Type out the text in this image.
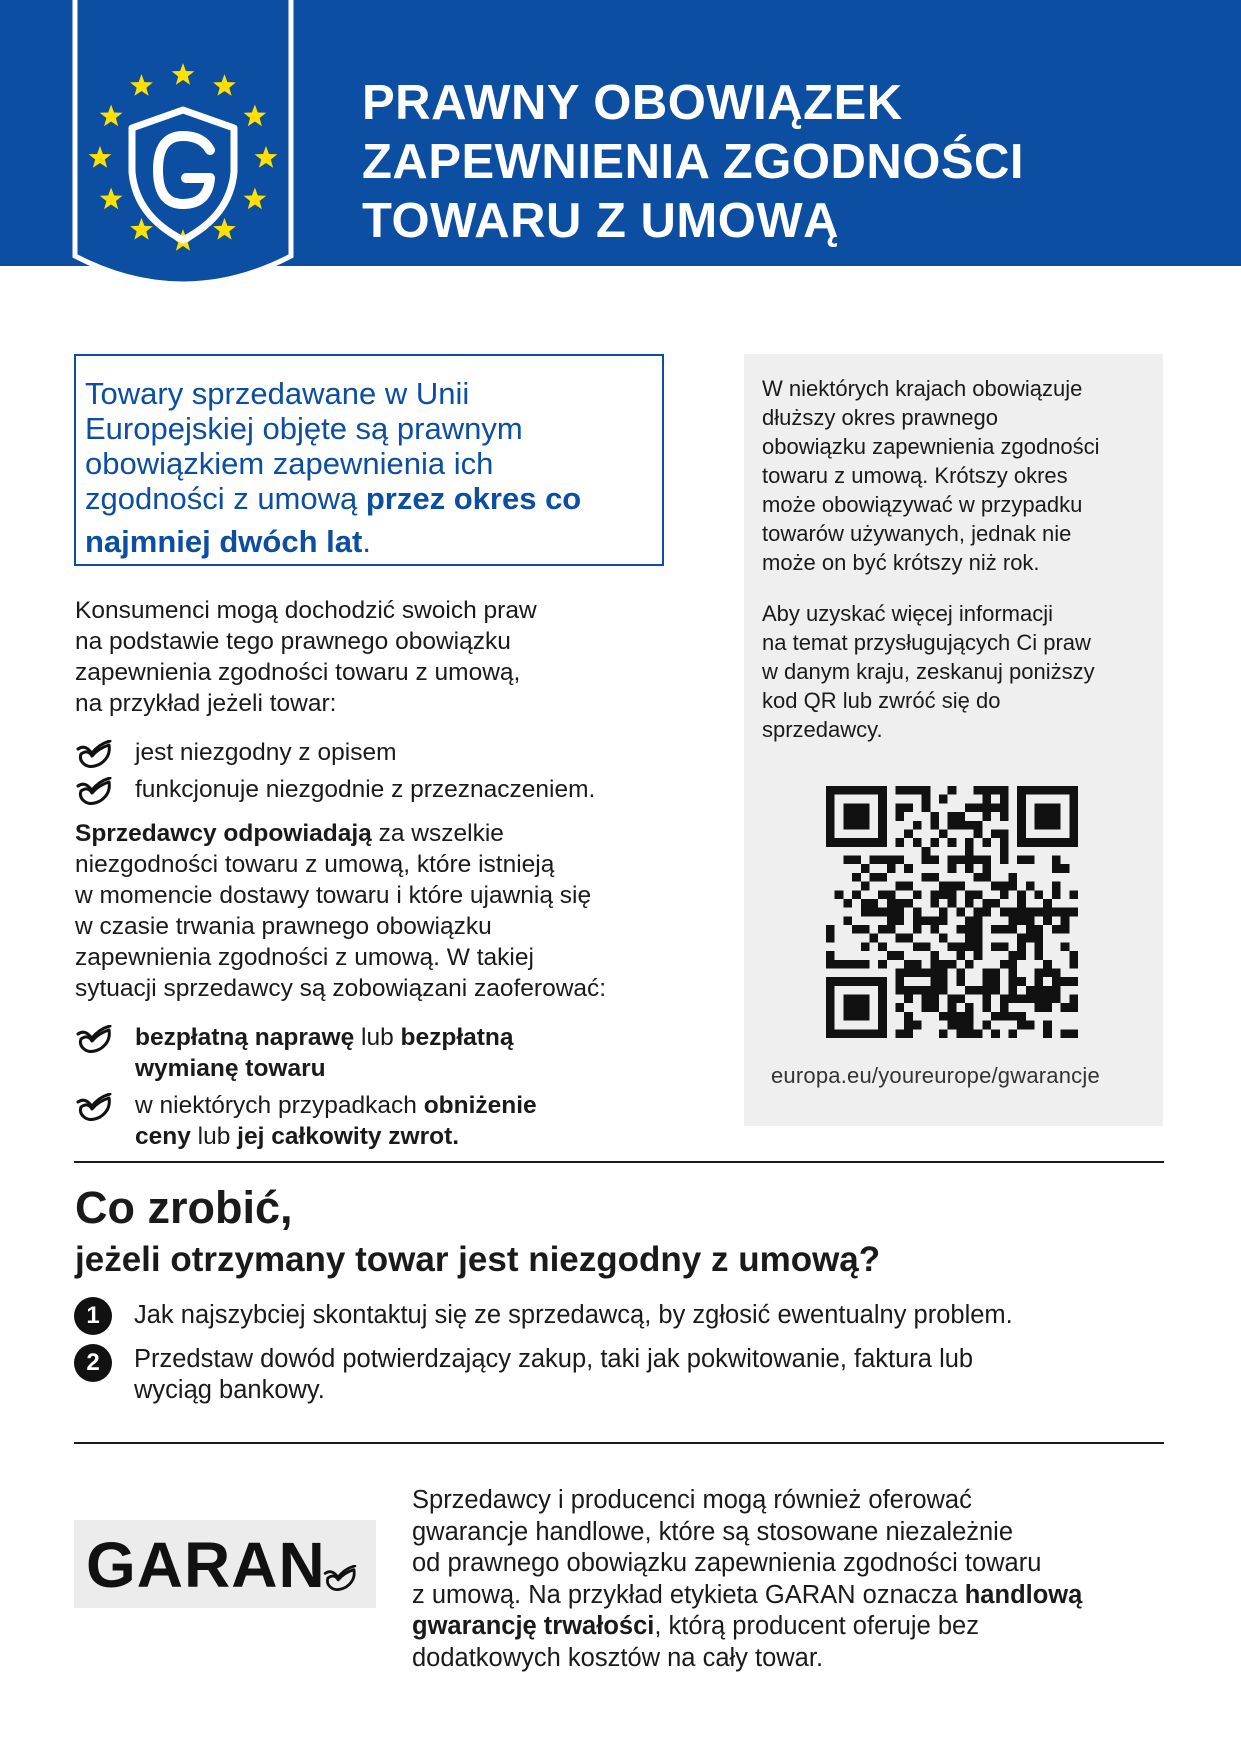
PRAWNY OBOWIĄZEK
ZAPEWNIENIA ZGODNOŚCI
TOWARU Z UMOWĄ
Towary sprzedawane w Unii
Europejskiej objęte są prawnym
obowiązkiem zapewnienia ich
zgodności z umową przez okres co
najmniej dwóch lat.
Konsumenci mogą dochodzić swoich praw
na podstawie tego prawnego obowiązku
zapewnienia zgodności towaru z umową,
na przykład jeżeli towar:
jest niezgodny z opisem
funkcjonuje niezgodnie z przeznaczeniem.
Sprzedawcy odpowiadają za wszelkie
niezgodności towaru z umową, które istnieją
w momencie dostawy towaru i które ujawnią się
w czasie trwania prawnego obowiązku
zapewnienia zgodności z umową. W takiej
sytuacji sprzedawcy są zobowiązani zaoferować:
bezpłatną naprawę lub bezpłatną
wymianę towaru
w niektórych przypadkach obniżenie
ceny lub jej całkowity zwrot.
W niektórych krajach obowiązuje
dłuższy okres prawnego
obowiązku zapewnienia zgodności
towaru z umową. Krótszy okres
może obowiązywać w przypadku
towarów używanych, jednak nie
może on być krótszy niż rok.
Aby uzyskać więcej informacji
na temat przysługujących Ci praw
w danym kraju, zeskanuj poniższy
kod QR lub zwróć się do
sprzedawcy.
europa.eu/youreurope/gwarancje
Co zrobić,
jeżeli otrzymany towar jest niezgodny z umową?
1	Jak najszybciej skontaktuj się ze sprzedawcą, by zgłosić ewentualny problem.
2	Przedstaw dowód potwierdzający zakup, taki jak pokwitowanie, faktura lub
wyciąg bankowy.
GARAN
Sprzedawcy i producenci mogą również oferować
gwarancje handlowe, które są stosowane niezależnie
od prawnego obowiązku zapewnienia zgodności towaru
z umową. Na przykład etykieta GARAN oznacza handlową
gwarancję trwałości, którą producent oferuje bez
dodatkowych kosztów na cały towar.
